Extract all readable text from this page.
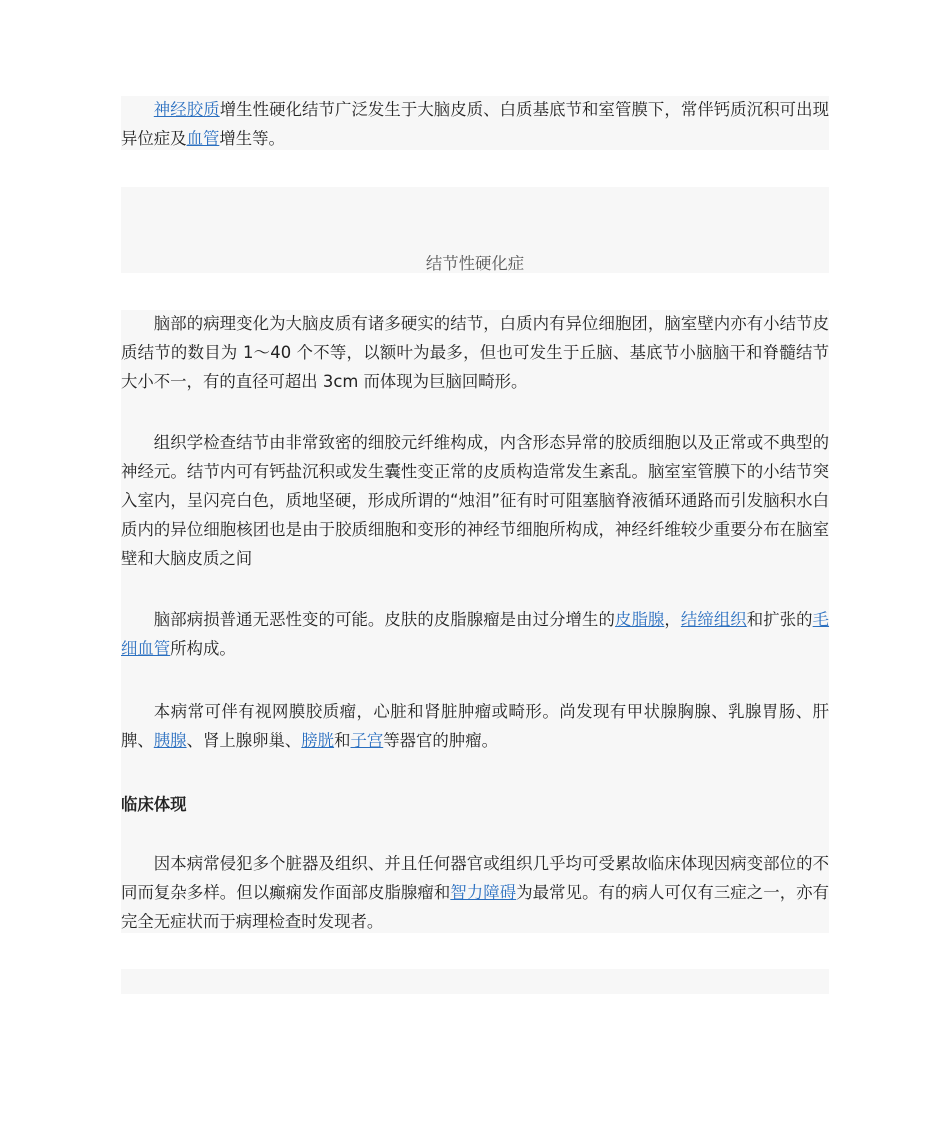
结节性硬化症
神经胶质增生性硬化结节广泛发生于大脑皮质、白质基底节和室管膜下，常伴钙质沉积可出现异位症及血管增生等。
脑部的病理变化为大脑皮质有诸多硬实的结节，白质内有异位细胞团，脑室壁内亦有小结节皮质结节的数目为 1～40 个不等，以额叶为最多，但也可发生于丘脑、基底节小脑脑干和脊髓结节大小不一，有的直径可超出 3cm 而体现为巨脑回畸形。
组织学检查结节由非常致密的细胶元纤维构成，内含形态异常的胶质细胞以及正常或不典型的神经元。结节内可有钙盐沉积或发生囊性变正常的皮质构造常发生紊乱。脑室室管膜下的小结节突入室内，呈闪亮白色，质地坚硬，形成所谓的“烛泪”征有时可阻塞脑脊液循环通路而引发脑积水白质内的异位细胞核团也是由于胶质细胞和变形的神经节细胞所构成，神经纤维较少重要分布在脑室壁和大脑皮质之间
脑部病损普通无恶性变的可能。皮肤的皮脂腺瘤是由过分增生的皮脂腺，结缔组织和扩张的毛细血管所构成。
本病常可伴有视网膜胶质瘤，心脏和肾脏肿瘤或畸形。尚发现有甲状腺胸腺、乳腺胃肠、肝脾、胰腺、肾上腺卵巢、膀胱和子宫等器官的肿瘤。
临床体现
因本病常侵犯多个脏器及组织、并且任何器官或组织几乎均可受累故临床体现因病变部位的不同而复杂多样。但以癫痫发作面部皮脂腺瘤和智力障碍为最常见。有的病人可仅有三症之一，亦有完全无症状而于病理检查时发现者。
